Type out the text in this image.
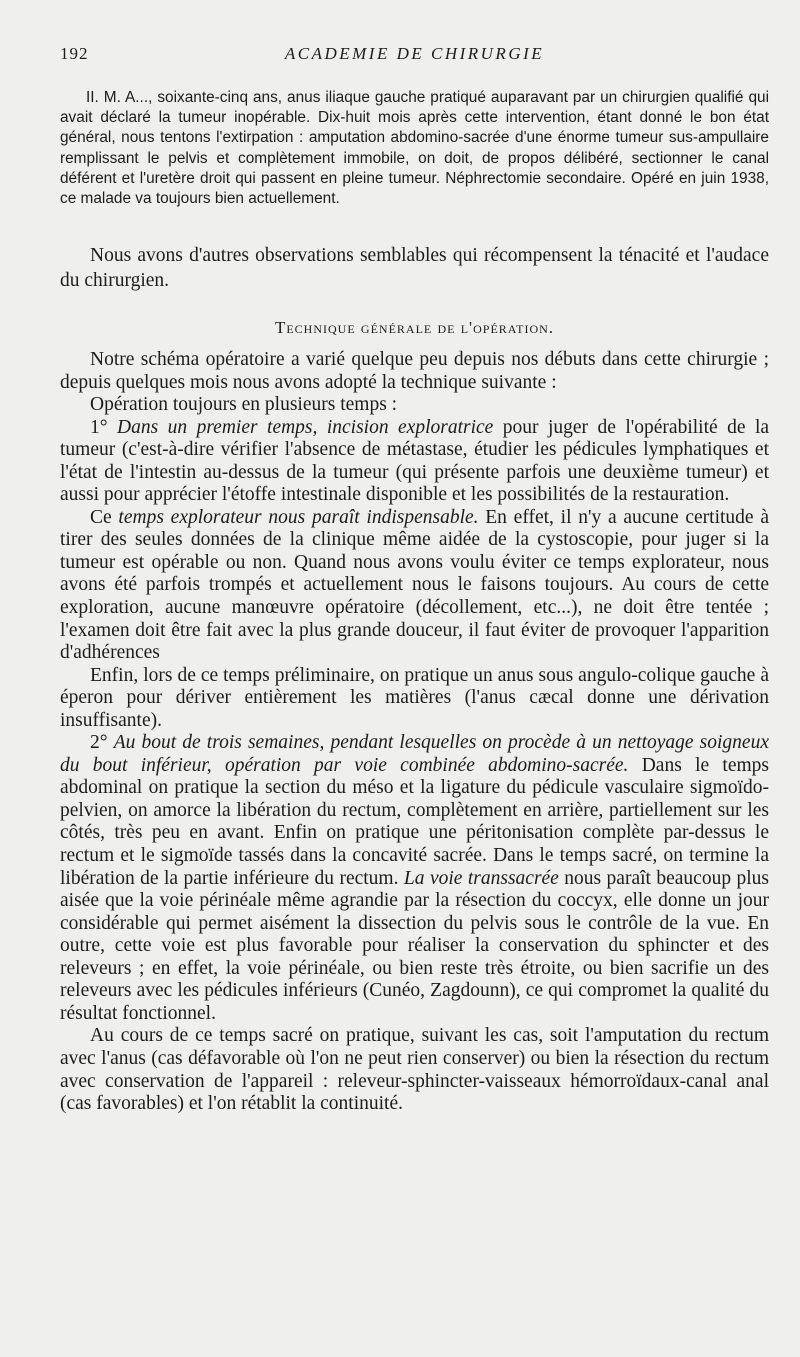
192	ACADEMIE DE CHIRURGIE

II. M. A..., soixante-cinq ans, anus iliaque gauche pratiqué auparavant par un chirurgien qualifié qui avait déclaré la tumeur inopérable. Dix-huit mois après cette intervention, étant donné le bon état général, nous tentons l'extirpation : amputation abdomino-sacrée d'une énorme tumeur sus-ampullaire remplissant le pelvis et complètement immobile, on doit, de propos délibéré, sectionner le canal déférent et l'uretère droit qui passent en pleine tumeur. Néphrectomie secondaire. Opéré en juin 1938, ce malade va toujours bien actuellement.

Nous avons d'autres observations semblables qui récompensent la ténacité et l'audace du chirurgien.

Technique générale de l'opération.

Notre schéma opératoire a varié quelque peu depuis nos débuts dans cette chirurgie ; depuis quelques mois nous avons adopté la technique suivante :

Opération toujours en plusieurs temps :

1° Dans un premier temps, incision exploratrice pour juger de l'opérabilité de la tumeur (c'est-à-dire vérifier l'absence de métastase, étudier les pédicules lymphatiques et l'état de l'intestin au-dessus de la tumeur (qui présente parfois une deuxième tumeur) et aussi pour apprécier l'étoffe intestinale disponible et les possibilités de la restauration.

Ce temps explorateur nous paraît indispensable. En effet, il n'y a aucune certitude à tirer des seules données de la clinique même aidée de la cystoscopie, pour juger si la tumeur est opérable ou non. Quand nous avons voulu éviter ce temps explorateur, nous avons été parfois trompés et actuellement nous le faisons toujours. Au cours de cette exploration, aucune manœuvre opératoire (décollement, etc...), ne doit être tentée ; l'examen doit être fait avec la plus grande douceur, il faut éviter de provoquer l'apparition d'adhérences

Enfin, lors de ce temps préliminaire, on pratique un anus sous angulo-colique gauche à éperon pour dériver entièrement les matières (l'anus cæcal donne une dérivation insuffisante).

2° Au bout de trois semaines, pendant lesquelles on procède à un nettoyage soigneux du bout inférieur, opération par voie combinée abdomino-sacrée. Dans le temps abdominal on pratique la section du méso et la ligature du pédicule vasculaire sigmoïdo-pelvien, on amorce la libération du rectum, complètement en arrière, partiellement sur les côtés, très peu en avant. Enfin on pratique une péritonisation complète par-dessus le rectum et le sigmoïde tassés dans la concavité sacrée. Dans le temps sacré, on termine la libération de la partie inférieure du rectum. La voie transsacrée nous paraît beaucoup plus aisée que la voie périnéale même agrandie par la résection du coccyx, elle donne un jour considérable qui permet aisément la dissection du pelvis sous le contrôle de la vue. En outre, cette voie est plus favorable pour réaliser la conservation du sphincter et des releveurs ; en effet, la voie périnéale, ou bien reste très étroite, ou bien sacrifie un des releveurs avec les pédicules inférieurs (Cunéo, Zagdounn), ce qui compromet la qualité du résultat fonctionnel.

Au cours de ce temps sacré on pratique, suivant les cas, soit l'amputation du rectum avec l'anus (cas défavorable où l'on ne peut rien conserver) ou bien la résection du rectum avec conservation de l'appareil : releveur-sphincter-vaisseaux hémorroïdaux-canal anal (cas favorables) et l'on rétablit la continuité.
